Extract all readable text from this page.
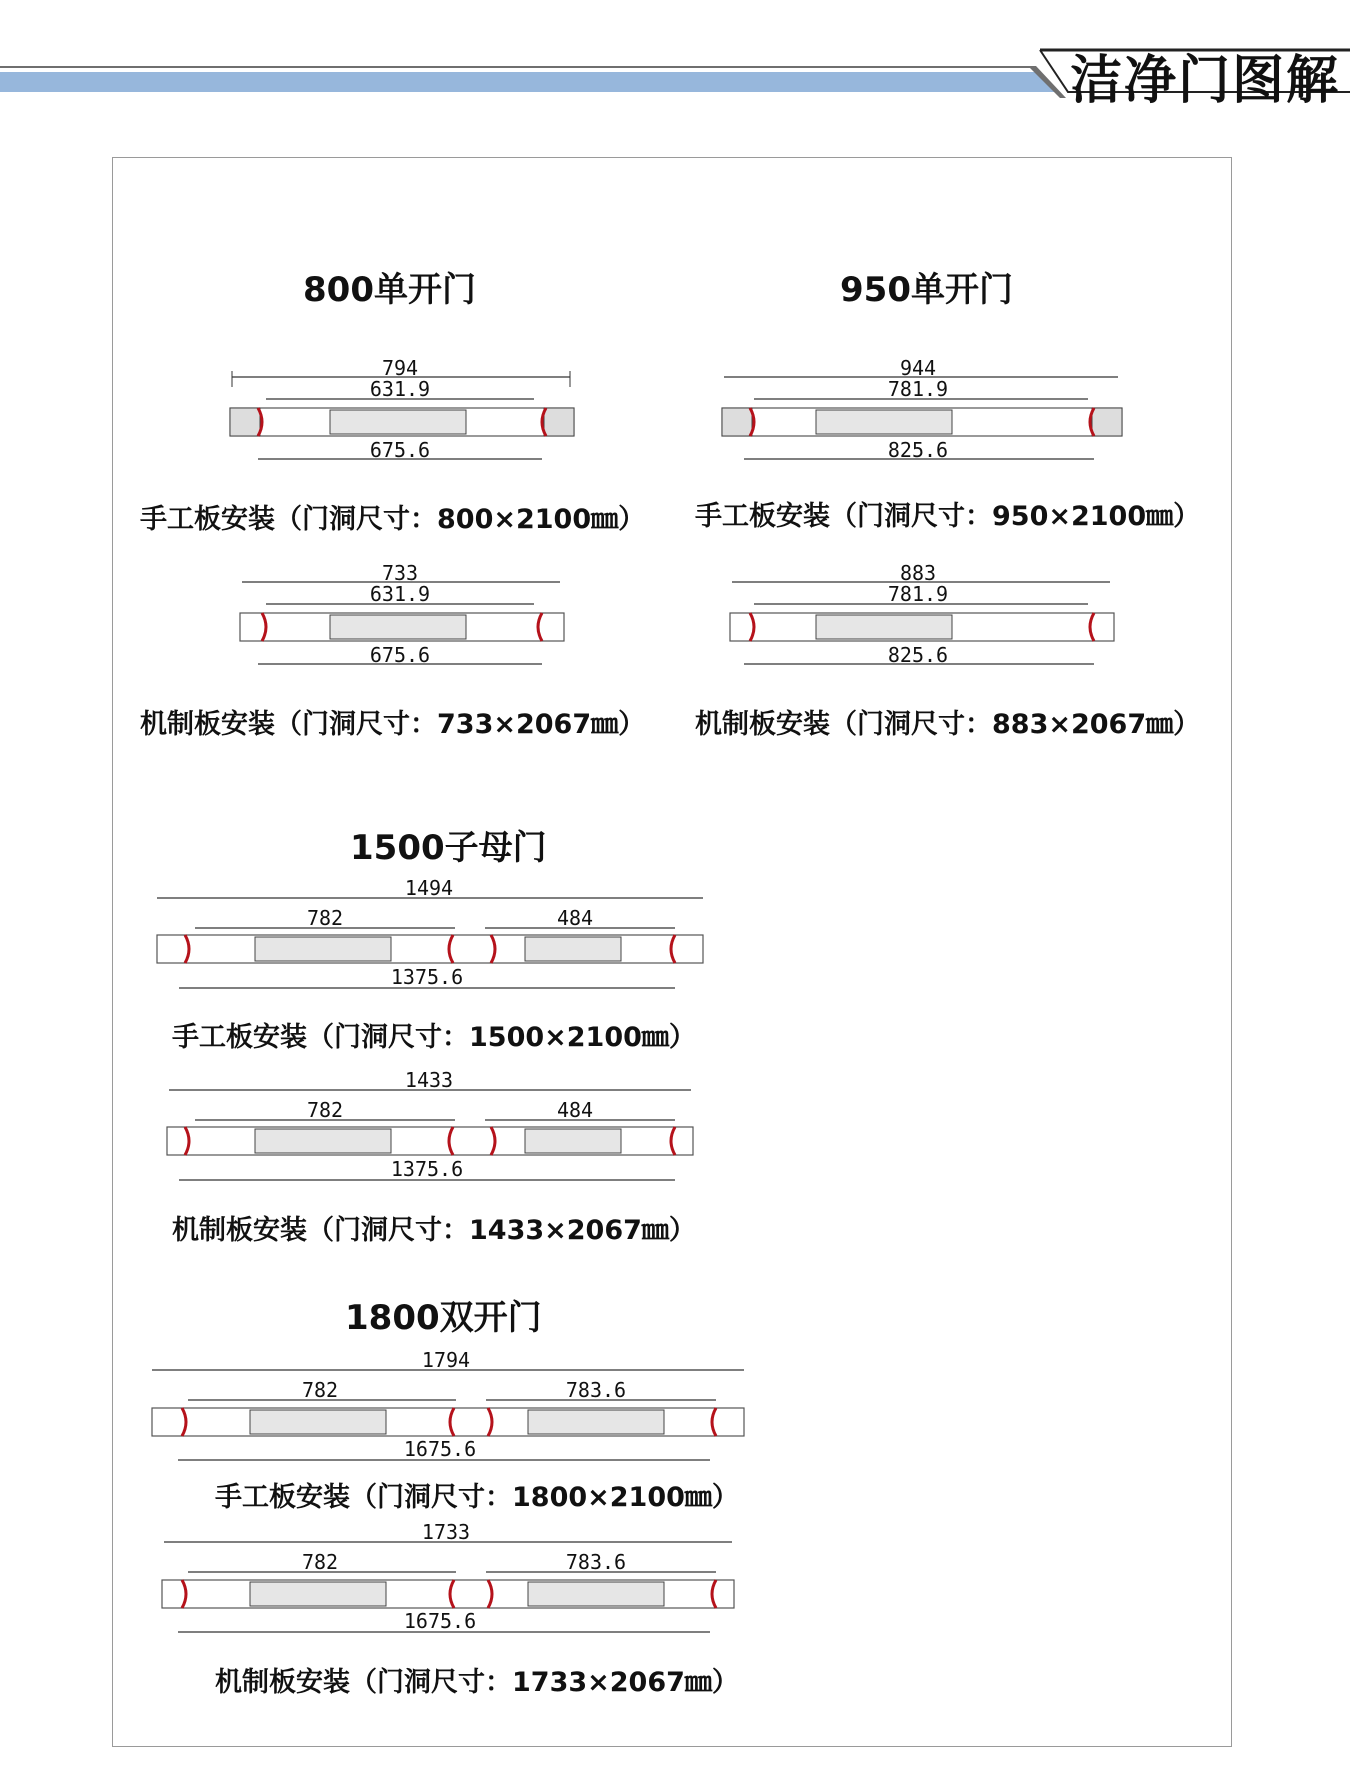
洁净门图解
800单开门	950单开门
1500子母门
1800双开门
手工板安装（门洞尺寸：800×2100㎜）
机制板安装（门洞尺寸：733×2067㎜）
手工板安装（门洞尺寸：950×2100㎜）
机制板安装（门洞尺寸：883×2067㎜）
手工板安装（门洞尺寸：1500×2100㎜）
机制板安装（门洞尺寸：1433×2067㎜）
手工板安装（门洞尺寸：1800×2100㎜）
机制板安装（门洞尺寸：1733×2067㎜）
794
631.9
675.6
733
631.9
675.6
944
781.9
825.6
883
781.9
825.6
1494
782	484
1375.6
1433
782	484
1375.6
1794
782	783.6
1675.6
1733
782	783.6
1675.6
